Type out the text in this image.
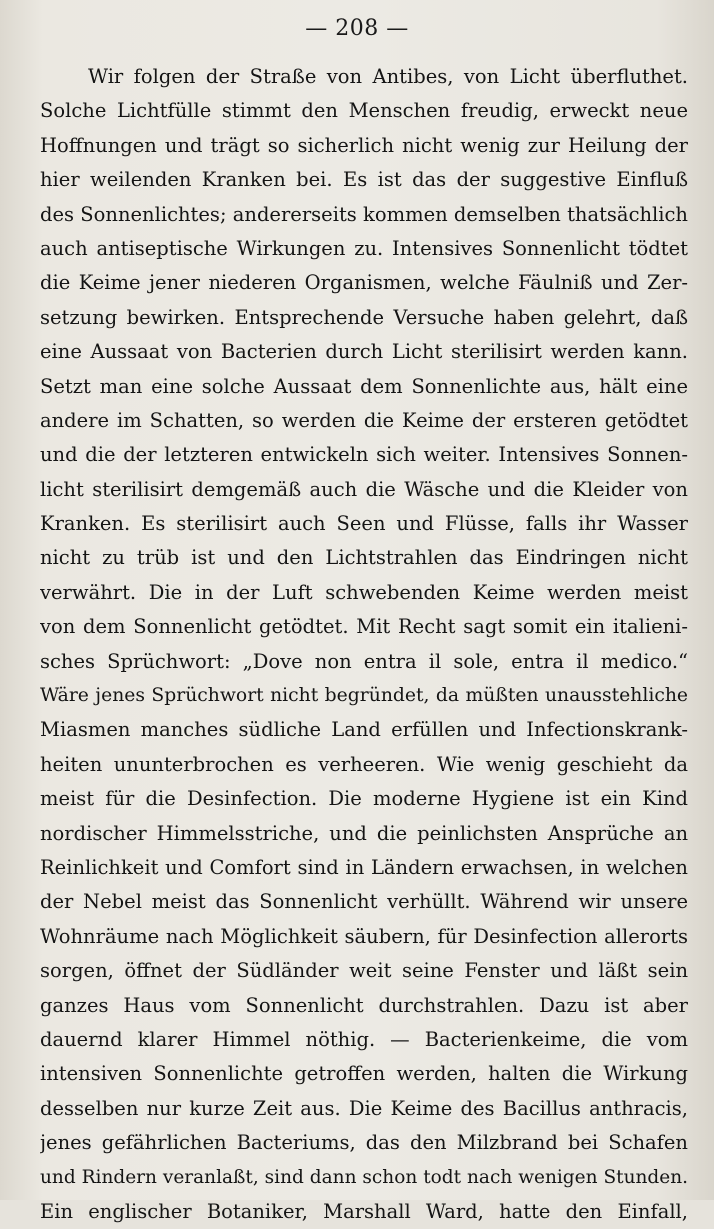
— 208 —
Wir folgen der Straße von Antibes, von Licht überfluthet.
Solche Lichtfülle stimmt den Menschen freudig, erweckt neue
Hoffnungen und trägt so sicherlich nicht wenig zur Heilung der
hier weilenden Kranken bei. Es ist das der suggestive Einfluß
des Sonnenlichtes; andererseits kommen demselben thatsächlich
auch antiseptische Wirkungen zu. Intensives Sonnenlicht tödtet
die Keime jener niederen Organismen, welche Fäulniß und Zer-
setzung bewirken. Entsprechende Versuche haben gelehrt, daß
eine Aussaat von Bacterien durch Licht sterilisirt werden kann.
Setzt man eine solche Aussaat dem Sonnenlichte aus, hält eine
andere im Schatten, so werden die Keime der ersteren getödtet
und die der letzteren entwickeln sich weiter. Intensives Sonnen-
licht sterilisirt demgemäß auch die Wäsche und die Kleider von
Kranken. Es sterilisirt auch Seen und Flüsse, falls ihr Wasser
nicht zu trüb ist und den Lichtstrahlen das Eindringen nicht
verwährt. Die in der Luft schwebenden Keime werden meist
von dem Sonnenlicht getödtet. Mit Recht sagt somit ein italieni-
sches Sprüchwort: „Dove non entra il sole, entra il medico.“
Wäre jenes Sprüchwort nicht begründet, da müßten unausstehliche
Miasmen manches südliche Land erfüllen und Infectionskrank-
heiten ununterbrochen es verheeren. Wie wenig geschieht da
meist für die Desinfection. Die moderne Hygiene ist ein Kind
nordischer Himmelsstriche, und die peinlichsten Ansprüche an
Reinlichkeit und Comfort sind in Ländern erwachsen, in welchen
der Nebel meist das Sonnenlicht verhüllt. Während wir unsere
Wohnräume nach Möglichkeit säubern, für Desinfection allerorts
sorgen, öffnet der Südländer weit seine Fenster und läßt sein
ganzes Haus vom Sonnenlicht durchstrahlen. Dazu ist aber
dauernd klarer Himmel nöthig. — Bacterienkeime, die vom
intensiven Sonnenlichte getroffen werden, halten die Wirkung
desselben nur kurze Zeit aus. Die Keime des Bacillus anthracis,
jenes gefährlichen Bacteriums, das den Milzbrand bei Schafen
und Rindern veranlaßt, sind dann schon todt nach wenigen Stunden.
Ein englischer Botaniker, Marshall Ward, hatte den Einfall,
